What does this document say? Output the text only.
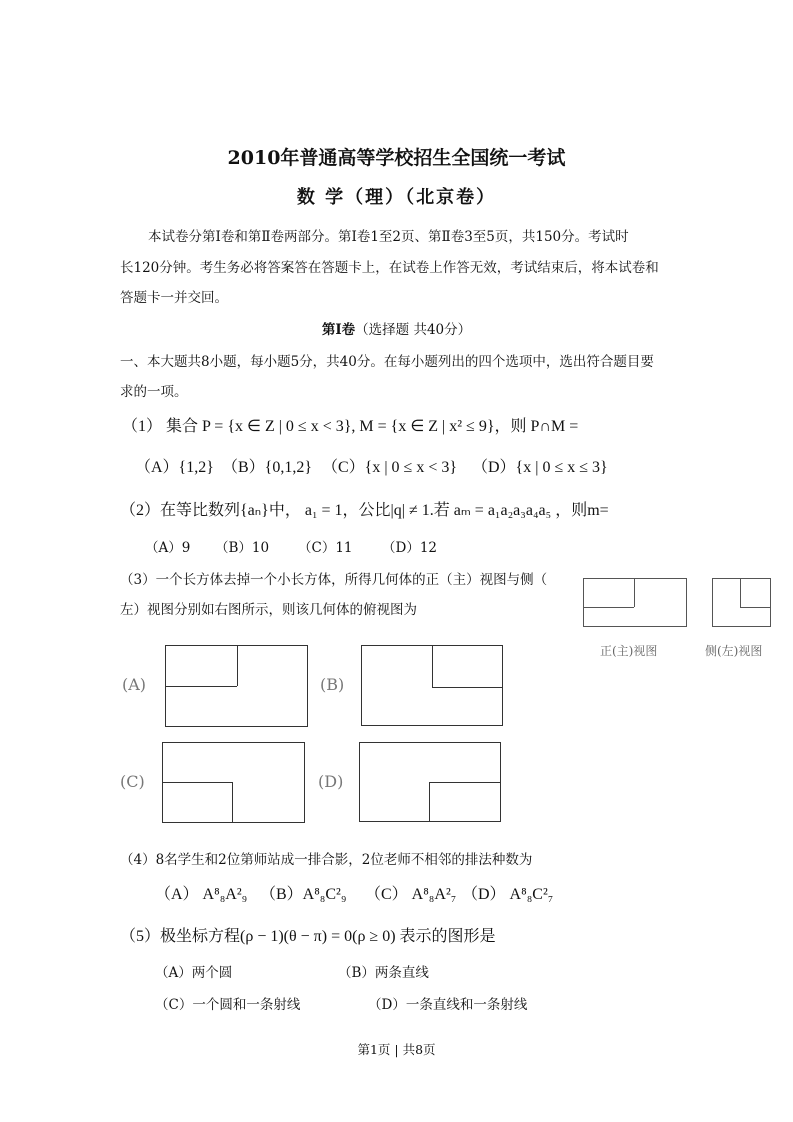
2010年普通高等学校招生全国统一考试
数 学（理）（北京卷）
本试卷分第Ⅰ卷和第Ⅱ卷两部分。第Ⅰ卷1至2页、第Ⅱ卷3至5页，共150分。考试时
长120分钟。考生务必将答案答在答题卡上，在试卷上作答无效，考试结束后，将本试卷和
答题卡一并交回。
第Ⅰ卷（选择题 共40分）
一、本大题共8小题，每小题5分，共40分。在每小题列出的四个选项中，选出符合题目要
求的一项。
（1） 集合 P = {x ∈ Z | 0 ≤ x < 3}, M = {x ∈ Z | x² ≤ 9}，则 P∩M =
（A）{1,2} （B）{0,1,2} （C）{x | 0 ≤ x < 3} （D）{x | 0 ≤ x ≤ 3}
（2）在等比数列{aₙ}中， a₁ = 1，公比|q| ≠ 1.若 aₘ = a₁a₂a₃a₄a₅ ，则m=
（A）9 （B）10 （C）11 （D）12
（3）一个长方体去掉一个小长方体，所得几何体的正（主）视图与侧（
左）视图分别如右图所示，则该几何体的俯视图为
正(主)视图	侧(左)视图
(A)	(B)
(C)	(D)
（4）8名学生和2位第师站成一排合影，2位老师不相邻的排法种数为
（A） A⁸₈A²₉ （B）A⁸₈C²₉ （C） A⁸₈A²₇ （D） A⁸₈C²₇
（5）极坐标方程(ρ − 1)(θ − π) = 0(ρ ≥ 0) 表示的图形是
（A）两个圆	（B）两条直线
（C）一个圆和一条射线	（D）一条直线和一条射线
第1页 | 共8页
